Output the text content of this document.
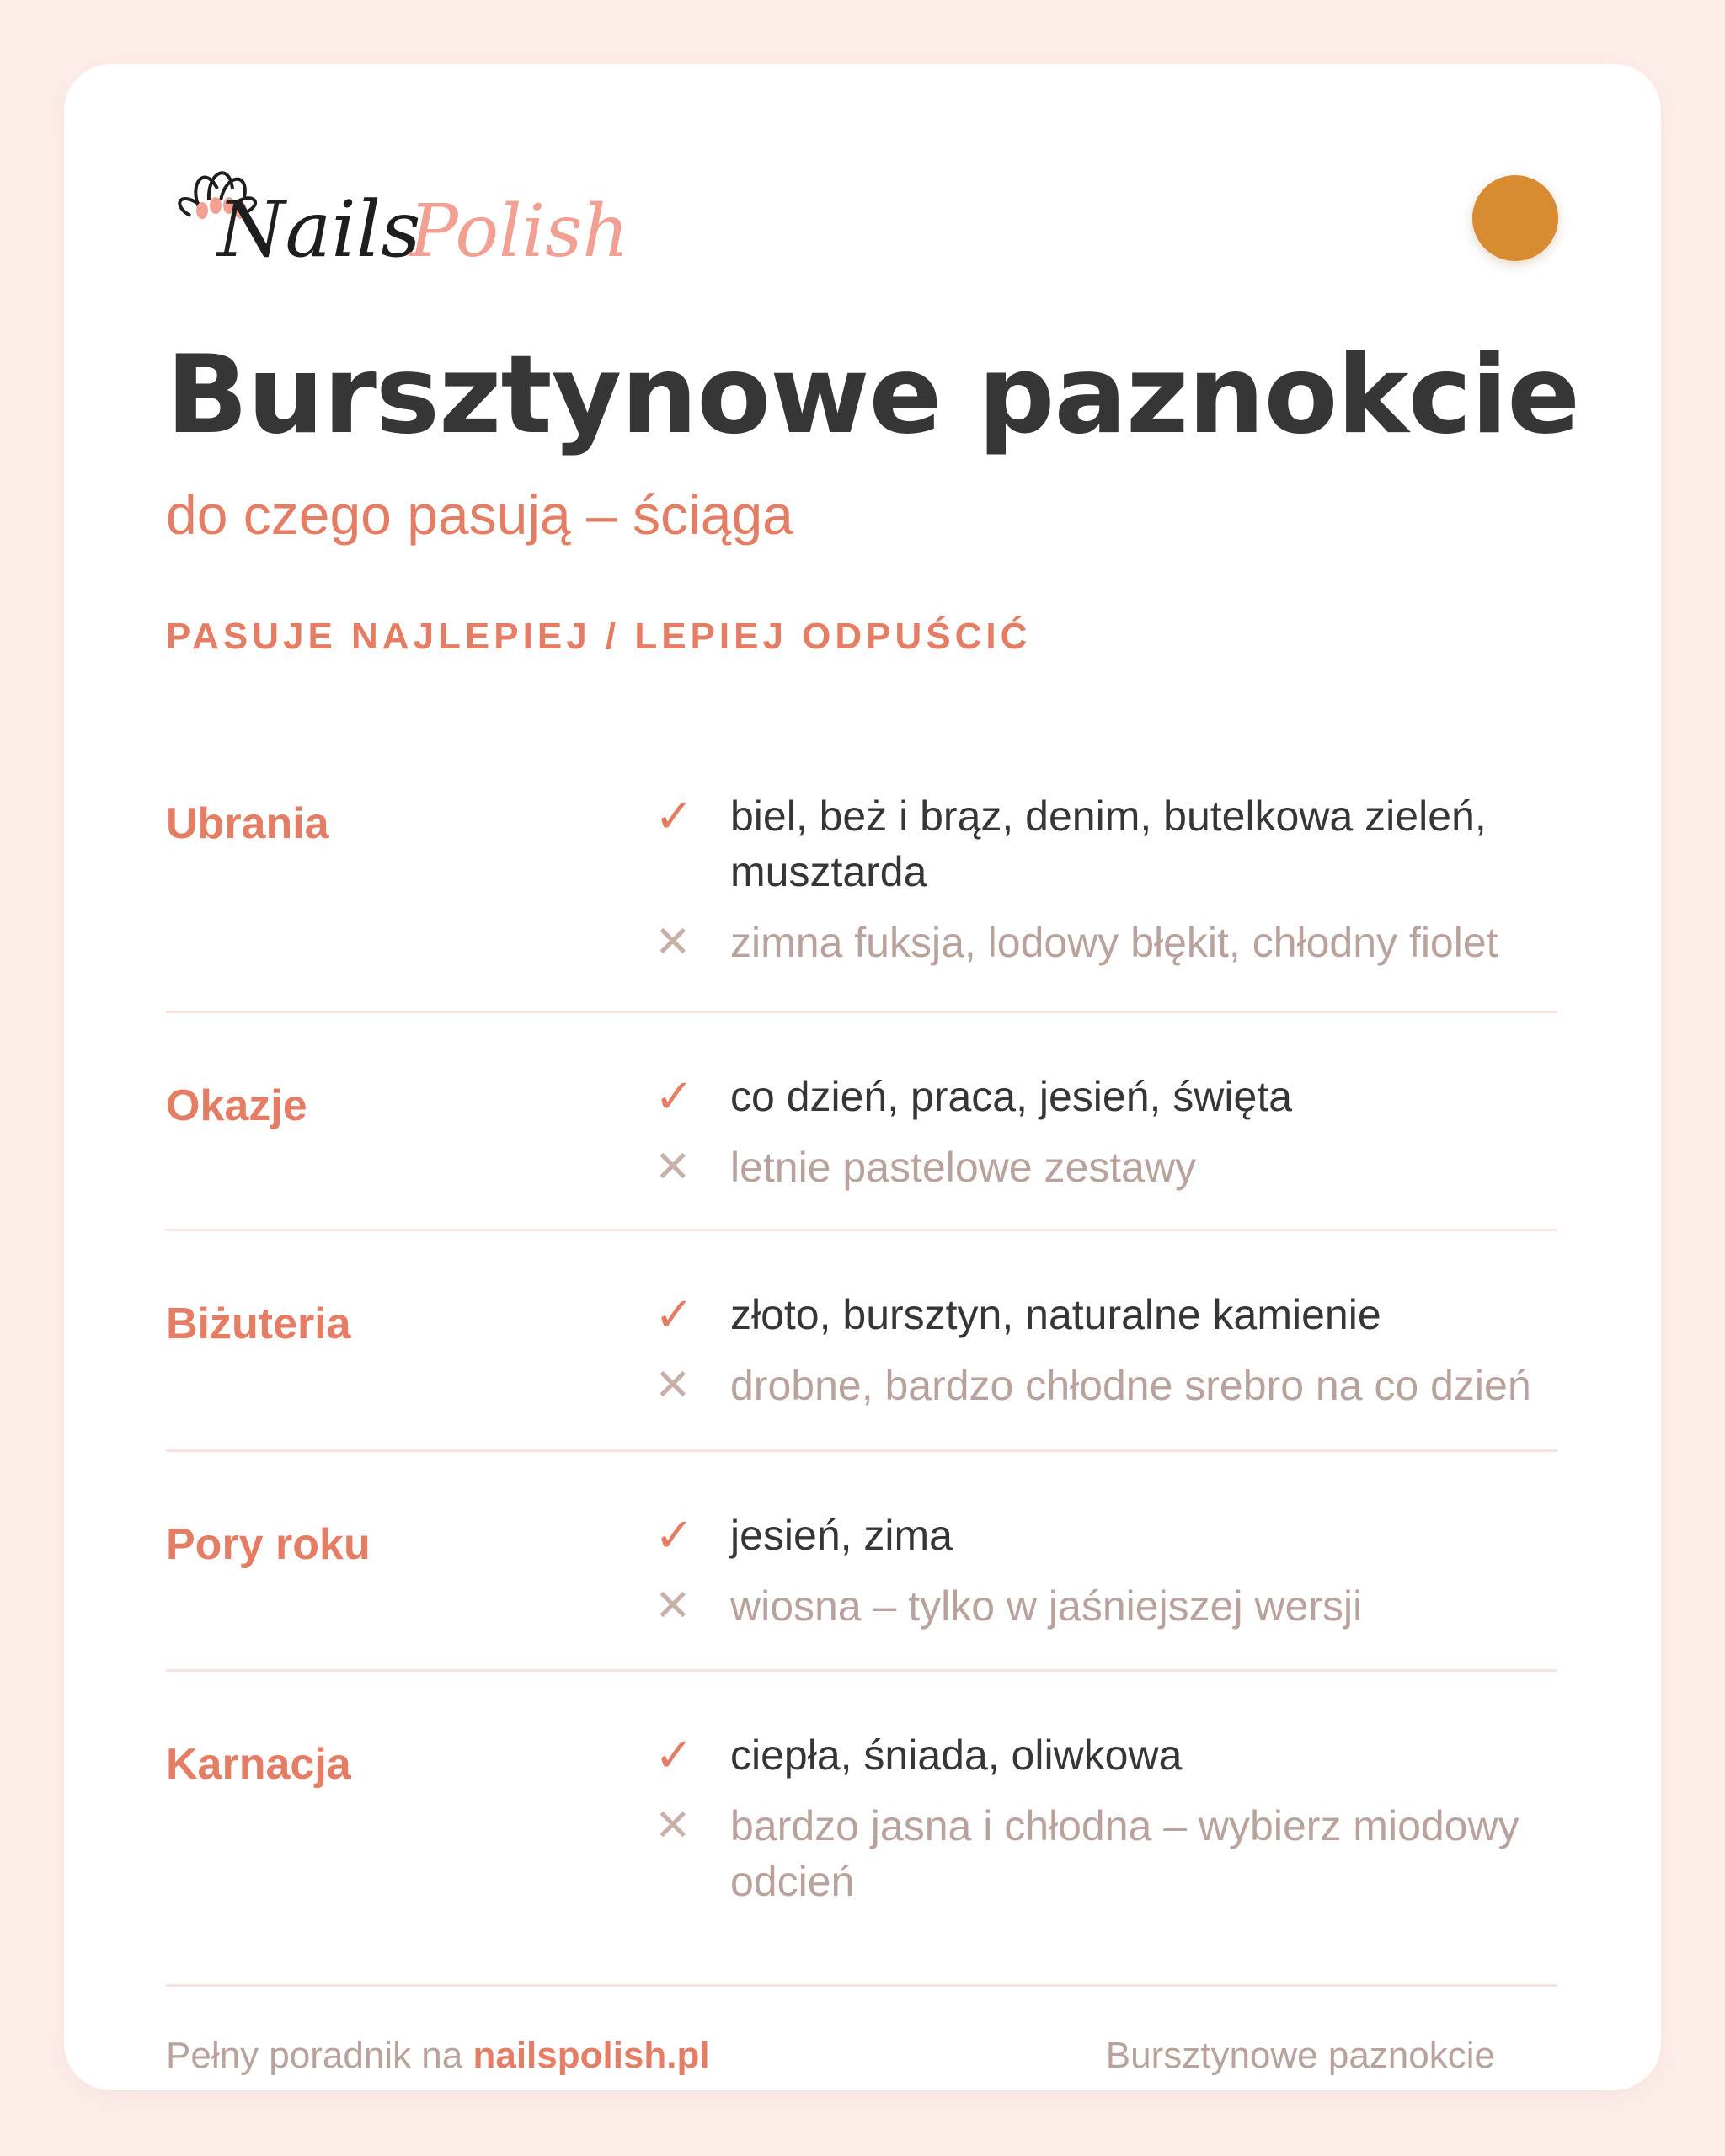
Nails
Polish
Bursztynowe paznokcie
do czego pasują – ściąga
PASUJE NAJLEPIEJ / LEPIEJ ODPUŚCIĆ
Ubrania	✓ biel, beż i brąz, denim, butelkowa zieleń, musztarda
✕ zimna fuksja, lodowy błękit, chłodny fiolet
Okazje	✓ co dzień, praca, jesień, święta
✕ letnie pastelowe zestawy
Biżuteria	✓ złoto, bursztyn, naturalne kamienie
✕ drobne, bardzo chłodne srebro na co dzień
Pory roku	✓ jesień, zima
✕ wiosna – tylko w jaśniejszej wersji
Karnacja	✓ ciepła, śniada, oliwkowa
✕ bardzo jasna i chłodna – wybierz miodowy odcień
Pełny poradnik na nailspolish.pl	Bursztynowe paznokcie
